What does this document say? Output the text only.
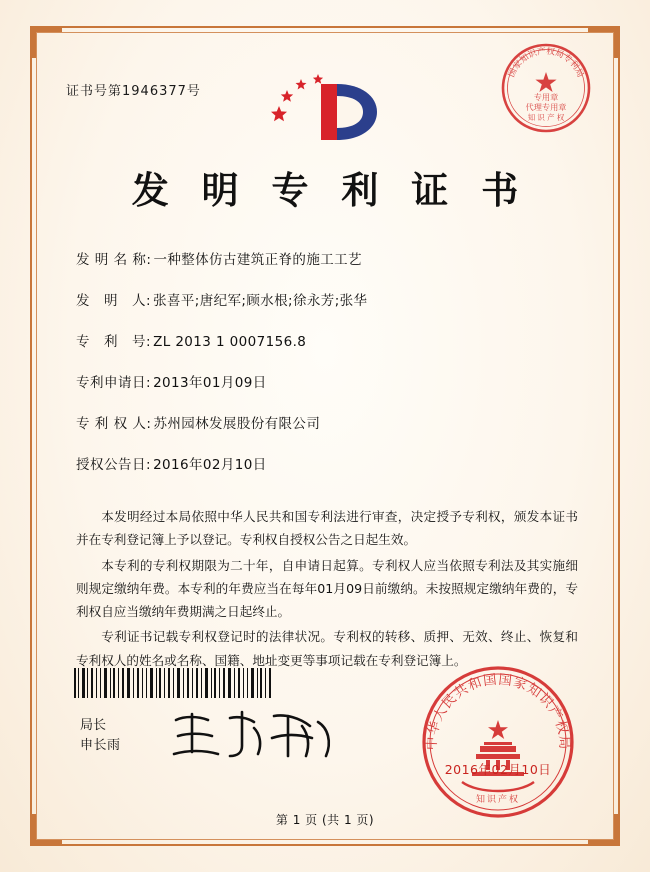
证书号第1946377号
国家知识产权局专利局
专用章
代理专用章
知 识 产 权
发 明 专 利 证 书
发 明 名 称: 一种整体仿古建筑正脊的施工工艺
发　明　人: 张喜平;唐纪军;顾水根;徐永芳;张华
专　利　号: ZL 2013 1 0007156.8
专利申请日: 2013年01月09日
专 利 权 人: 苏州园林发展股份有限公司
授权公告日: 2016年02月10日

本发明经过本局依照中华人民共和国专利法进行审查，决定授予专利权，颁发本证书并在专利登记簿上予以登记。专利权自授权公告之日起生效。

本专利的专利权期限为二十年，自申请日起算。专利权人应当依照专利法及其实施细则规定缴纳年费。本专利的年费应当在每年01月09日前缴纳。未按照规定缴纳年费的，专利权自应当缴纳年费期满之日起终止。

专利证书记载专利权登记时的法律状况。专利权的转移、质押、无效、终止、恢复和专利权人的姓名或名称、国籍、地址变更等事项记载在专利登记簿上。

局长
申长雨	中华人民共和国国家知识产权局
知识产权
2016年02月10日
第 1 页 (共 1 页)
